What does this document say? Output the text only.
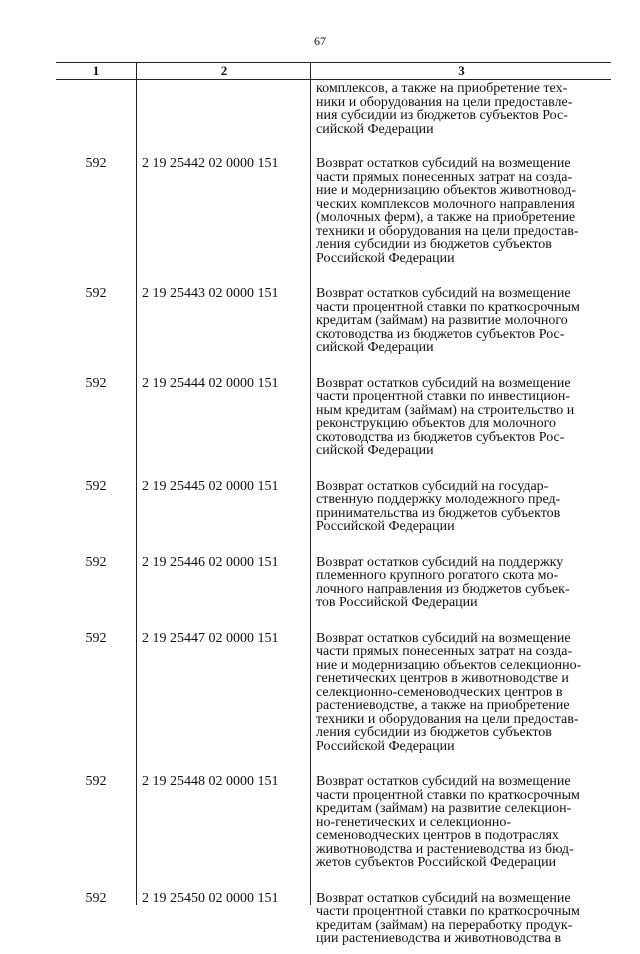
67
1	2	3
комплексов, а также на приобретение тех-
ники и оборудования на цели предоставле-
ния субсидии из бюджетов субъектов Рос-
сийской Федерации
592	2 19 25442 02 0000 151	Возврат остатков субсидий на возмещение
части прямых понесенных затрат на созда-
ние и модернизацию объектов животновод-
ческих комплексов молочного направления
(молочных ферм), а также на приобретение
техники и оборудования на цели предостав-
ления субсидии из бюджетов субъектов
Российской Федерации
592	2 19 25443 02 0000 151	Возврат остатков субсидий на возмещение
части процентной ставки по краткосрочным
кредитам (займам) на развитие молочного
скотоводства из бюджетов субъектов Рос-
сийской Федерации
592	2 19 25444 02 0000 151	Возврат остатков субсидий на возмещение
части процентной ставки по инвестицион-
ным кредитам (займам) на строительство и
реконструкцию объектов для молочного
скотоводства из бюджетов субъектов Рос-
сийской Федерации
592	2 19 25445 02 0000 151	Возврат остатков субсидий на государ-
ственную поддержку молодежного пред-
принимательства из бюджетов субъектов
Российской Федерации
592	2 19 25446 02 0000 151	Возврат остатков субсидий на поддержку
племенного крупного рогатого скота мо-
лочного направления из бюджетов субъек-
тов Российской Федерации
592	2 19 25447 02 0000 151	Возврат остатков субсидий на возмещение
части прямых понесенных затрат на созда-
ние и модернизацию объектов селекционно-
генетических центров в животноводстве и
селекционно-семеноводческих центров в
растениеводстве, а также на приобретение
техники и оборудования на цели предостав-
ления субсидии из бюджетов субъектов
Российской Федерации
592	2 19 25448 02 0000 151	Возврат остатков субсидий на возмещение
части процентной ставки по краткосрочным
кредитам (займам) на развитие селекцион-
но-генетических и селекционно-
семеноводческих центров в подотраслях
животноводства и растениеводства из бюд-
жетов субъектов Российской Федерации
592	2 19 25450 02 0000 151	Возврат остатков субсидий на возмещение
части процентной ставки по краткосрочным
кредитам (займам) на переработку продук-
ции растениеводства и животноводства в
